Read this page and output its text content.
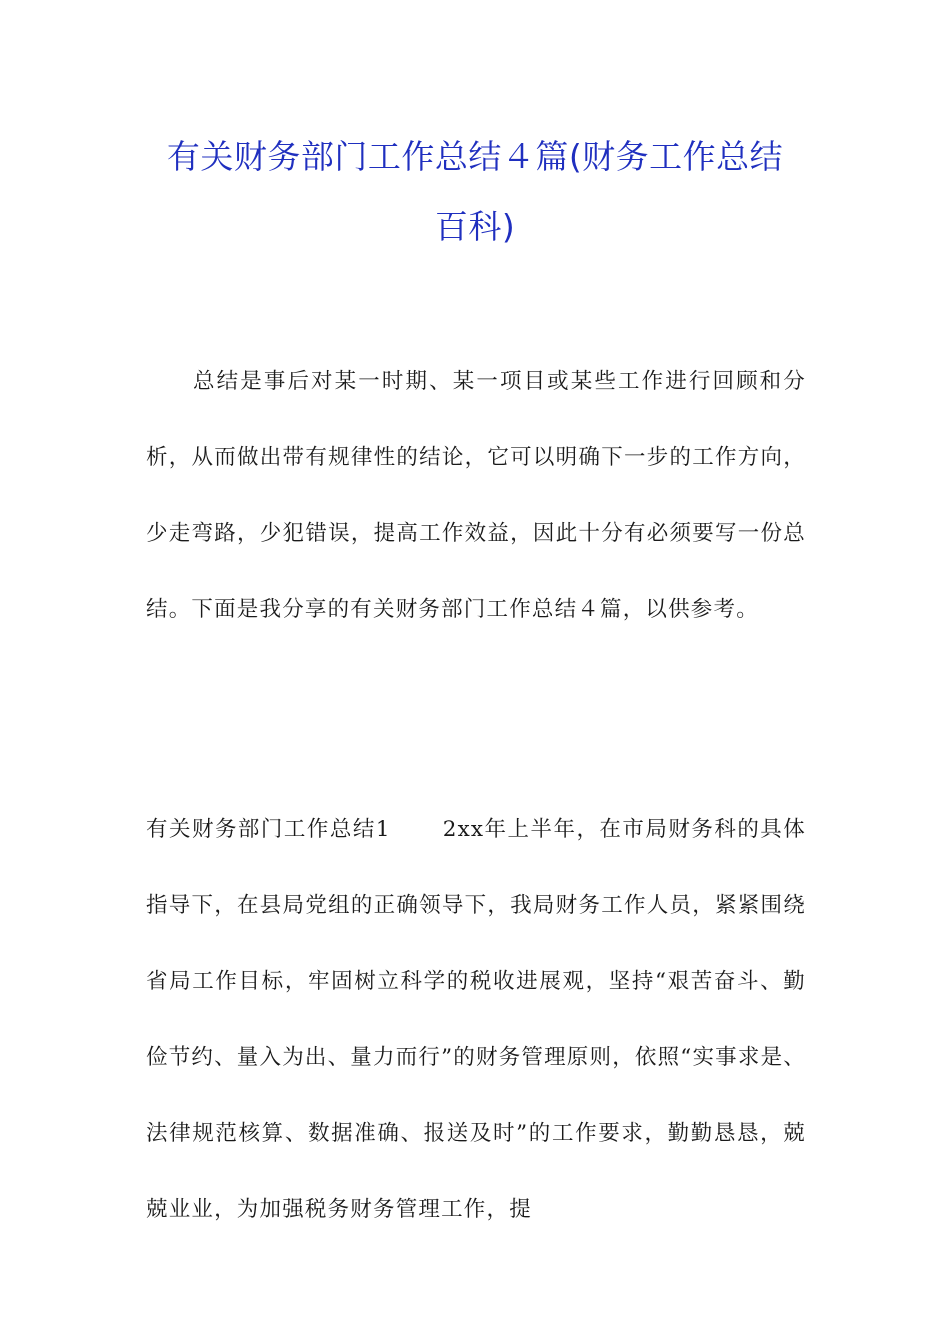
有关财务部门工作总结４篇(财务工作总结
百科)

总结是事后对某一时期、某一项目或某些工作进行回顾和分析，从而做出带有规律性的结论，它可以明确下一步的工作方向，少走弯路，少犯错误，提高工作效益，因此十分有必须要写一份总结。下面是我分享的有关财务部门工作总结４篇，以供参考。

有关财务部门工作总结1 2xx年上半年，在市局财务科的具体指导下，在县局党组的正确领导下，我局财务工作人员，紧紧围绕省局工作目标，牢固树立科学的税收进展观，坚持“艰苦奋斗、勤俭节约、量入为出、量力而行”的财务管理原则，依照“实事求是、法律规范核算、数据准确、报送及时”的工作要求，勤勤恳恳，兢兢业业，为加强税务财务管理工作，提
